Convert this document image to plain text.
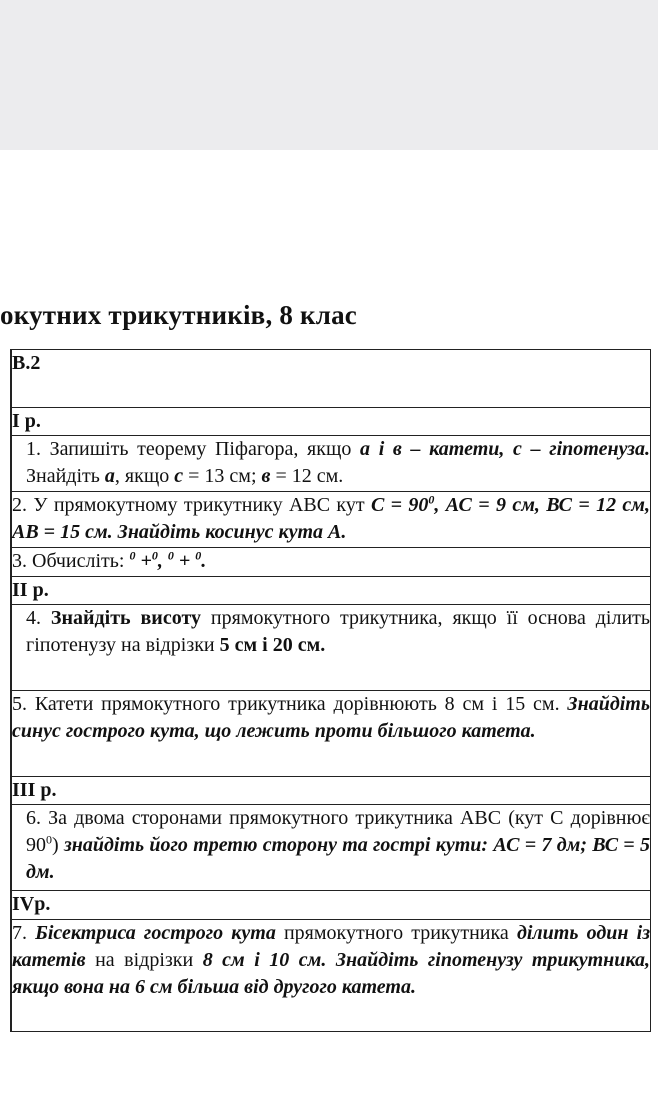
окутних трикутників, 8 клас
	В.2
	І р.
	1. Запишіть теорему Піфагора, якщо а і в – катети, с – гіпотенуза. Знайдіть а, якщо с = 13 см; в = 12 см.
	2. У прямокутному трикутнику АВС кут $С = 90^0$, АС = 9 см, ВС = 12 см, АВ = 15 см. Знайдіть косинус кута А.
	3. Обчисліть: $^0$ +$^0$, $^0$ + $^0$.
	ІІ р.
	4. Знайдіть висоту прямокутного трикутника, якщо її основа ділить гіпотенузу на відрізки 5 см і 20 см.
	5. Катети прямокутного трикутника дорівнюють 8 см і 15 см. Знайдіть синус гострого кута, що лежить проти більшого катета.
	ІІІ р.
	6. За двома сторонами прямокутного трикутника АВС (кут С дорівнює $90^0$) знайдіть його третю сторону та гострі кути: АС = 7 дм; ВС = 5 дм.
	IVр.
	7. Бісектриса гострого кута прямокутного трикутника ділить один із катетів на відрізки 8 см і 10 см. Знайдіть гіпотенузу трикутника, якщо вона на 6 см більша від другого катета.
